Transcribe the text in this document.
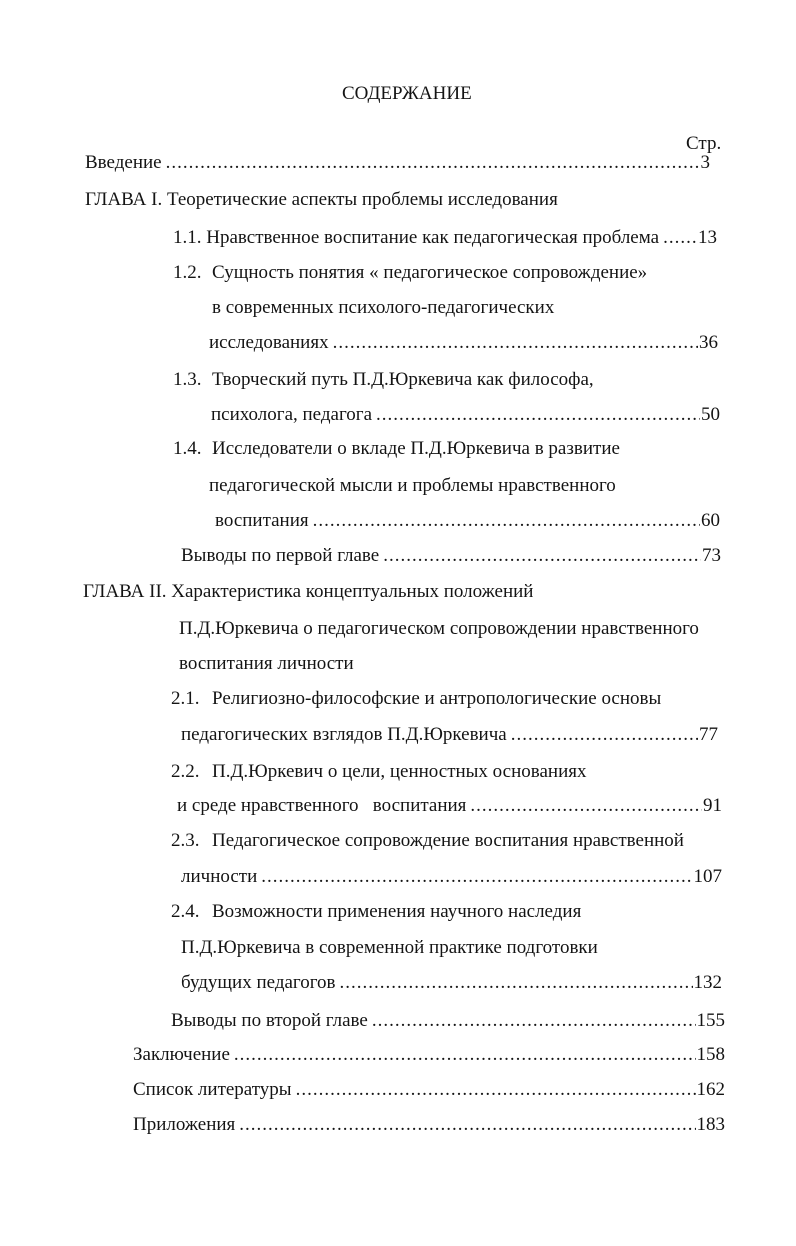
СОДЕРЖАНИЕ
Стр.
Введение .....	3
ГЛАВА I. Теоретические аспекты проблемы исследования
1.1. Нравственное воспитание как педагогическая проблема ..... 13
1.2. Сущность понятия « педагогическое сопровождение»
в современных психолого-педагогических
исследованиях .....	36
1.3. Творческий путь П.Д.Юркевича как философа,
психолога, педагога .....	50
1.4. Исследователи о вкладе П.Д.Юркевича в развитие
педагогической мысли и проблемы нравственного
воспитания .....	60
Выводы по первой главе .....	73
ГЛАВА II. Характеристика концептуальных положений
П.Д.Юркевича о педагогическом сопровождении нравственного
воспитания личности
2.1. Религиозно-философские и антропологические основы
педагогических взглядов П.Д.Юркевича .....	77
2.2. П.Д.Юркевич о цели, ценностных основаниях
и среде нравственного   воспитания .....	91
2.3. Педагогическое сопровождение воспитания нравственной
личности .....	107
2.4. Возможности применения научного наследия
П.Д.Юркевича в современной практике подготовки
будущих педагогов .....	132
Выводы по второй главе .....	155
Заключение .....	158
Список литературы .....	162
Приложения .....	183
